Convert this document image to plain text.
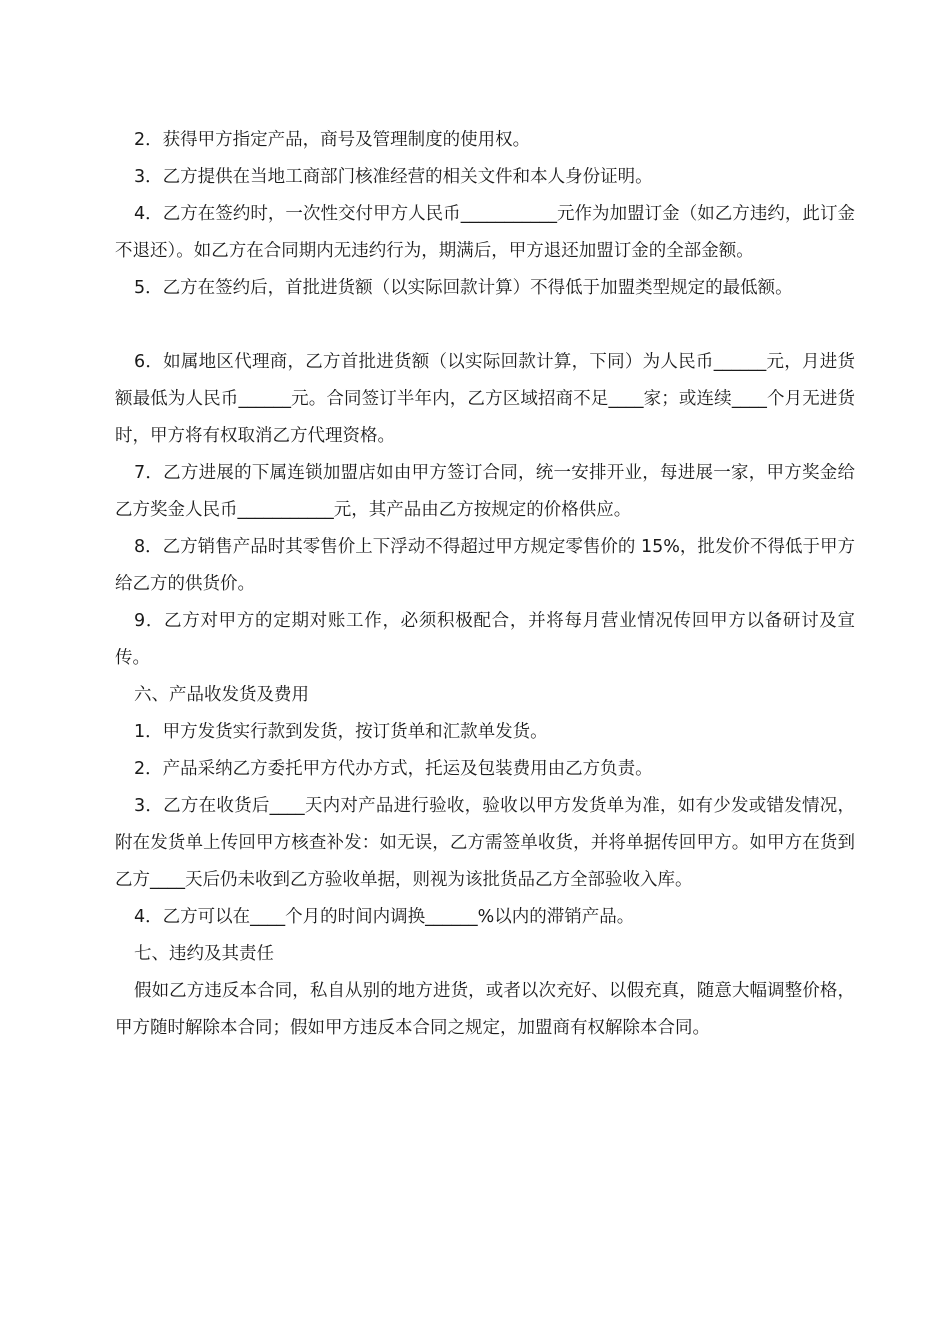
2．获得甲方指定产品，商号及管理制度的使用权。

3．乙方提供在当地工商部门核准经营的相关文件和本人身份证明。

4．乙方在签约时，一次性交付甲方人民币___________元作为加盟订金（如乙方违约，此订金不退还）。如乙方在合同期内无违约行为，期满后，甲方退还加盟订金的全部金额。

5．乙方在签约后，首批进货额（以实际回款计算）不得低于加盟类型规定的最低额。

6．如属地区代理商，乙方首批进货额（以实际回款计算，下同）为人民币______元，月进货额最低为人民币______元。合同签订半年内，乙方区域招商不足____家；或连续____个月无进货时，甲方将有权取消乙方代理资格。

7．乙方进展的下属连锁加盟店如由甲方签订合同，统一安排开业，每进展一家，甲方奖金给乙方奖金人民币___________元，其产品由乙方按规定的价格供应。

8．乙方销售产品时其零售价上下浮动不得超过甲方规定零售价的 15%，批发价不得低于甲方给乙方的供货价。

9．乙方对甲方的定期对账工作，必须积极配合，并将每月营业情况传回甲方以备研讨及宣传。

六、产品收发货及费用

1．甲方发货实行款到发货，按订货单和汇款单发货。

2．产品采纳乙方委托甲方代办方式，托运及包装费用由乙方负责。

3．乙方在收货后____天内对产品进行验收，验收以甲方发货单为准，如有少发或错发情况，附在发货单上传回甲方核查补发：如无误，乙方需签单收货，并将单据传回甲方。如甲方在货到乙方____天后仍未收到乙方验收单据，则视为该批货品乙方全部验收入库。

4．乙方可以在____个月的时间内调换______%以内的滞销产品。

七、违约及其责任

假如乙方违反本合同，私自从别的地方进货，或者以次充好、以假充真，随意大幅调整价格，甲方随时解除本合同；假如甲方违反本合同之规定，加盟商有权解除本合同。
